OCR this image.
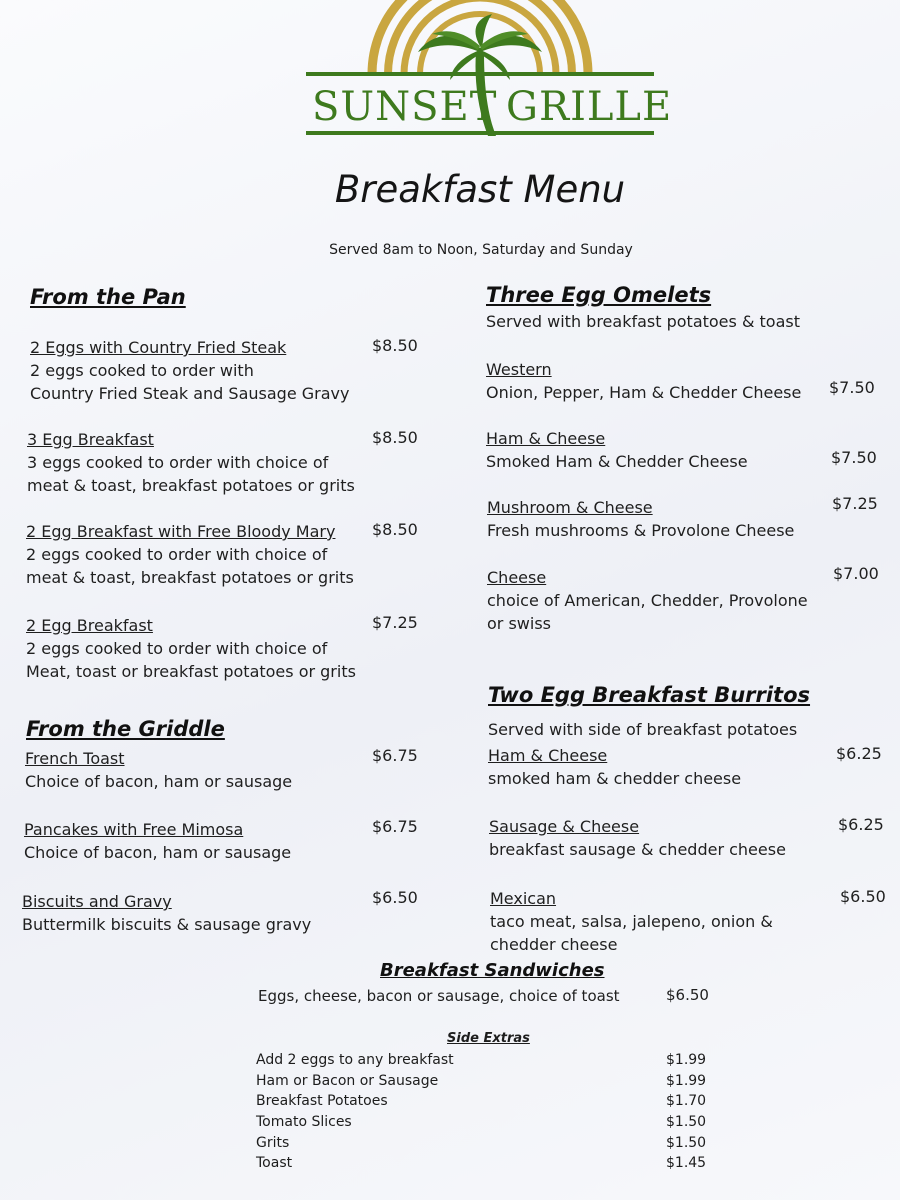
SUNSET GRILLE
Breakfast Menu
Served 8am to Noon, Saturday and Sunday
From the Pan
2 Eggs with Country Fried Steak
2 eggs cooked to order with
Country Fried Steak and Sausage Gravy
$8.50
3 Egg Breakfast
3 eggs cooked to order with choice of
meat & toast, breakfast potatoes or grits
$8.50
2 Egg Breakfast with Free Bloody Mary
2 eggs cooked to order with choice of
meat & toast, breakfast potatoes or grits
$8.50
2 Egg Breakfast
2 eggs cooked to order with choice of
Meat, toast or breakfast potatoes or grits
$7.25
From the Griddle
French Toast
Choice of bacon, ham or sausage
$6.75
Pancakes with Free Mimosa
Choice of bacon, ham or sausage
$6.75
Biscuits and Gravy
Buttermilk biscuits & sausage gravy
$6.50
Three Egg Omelets
Served with breakfast potatoes & toast
Western
Onion, Pepper, Ham & Chedder Cheese $7.50
Ham & Cheese
Smoked Ham & Chedder Cheese	$7.50
Mushroom & Cheese
Fresh mushrooms & Provolone Cheese
$7.25
Cheese
choice of American, Chedder, Provolone
or swiss
$7.00
Two Egg Breakfast Burritos
Served with side of breakfast potatoes
Ham & Cheese
smoked ham & chedder cheese
$6.25
Sausage & Cheese
breakfast sausage & chedder cheese
$6.25
Mexican
taco meat, salsa, jalepeno, onion &
chedder cheese
$6.50
Breakfast Sandwiches
Eggs, cheese, bacon or sausage, choice of toast	$6.50
Side Extras
Add 2 eggs to any breakfast	$1.99
Ham or Bacon or Sausage	$1.99
Breakfast Potatoes	$1.70
Tomato Slices	$1.50
Grits	$1.50
Toast	$1.45
